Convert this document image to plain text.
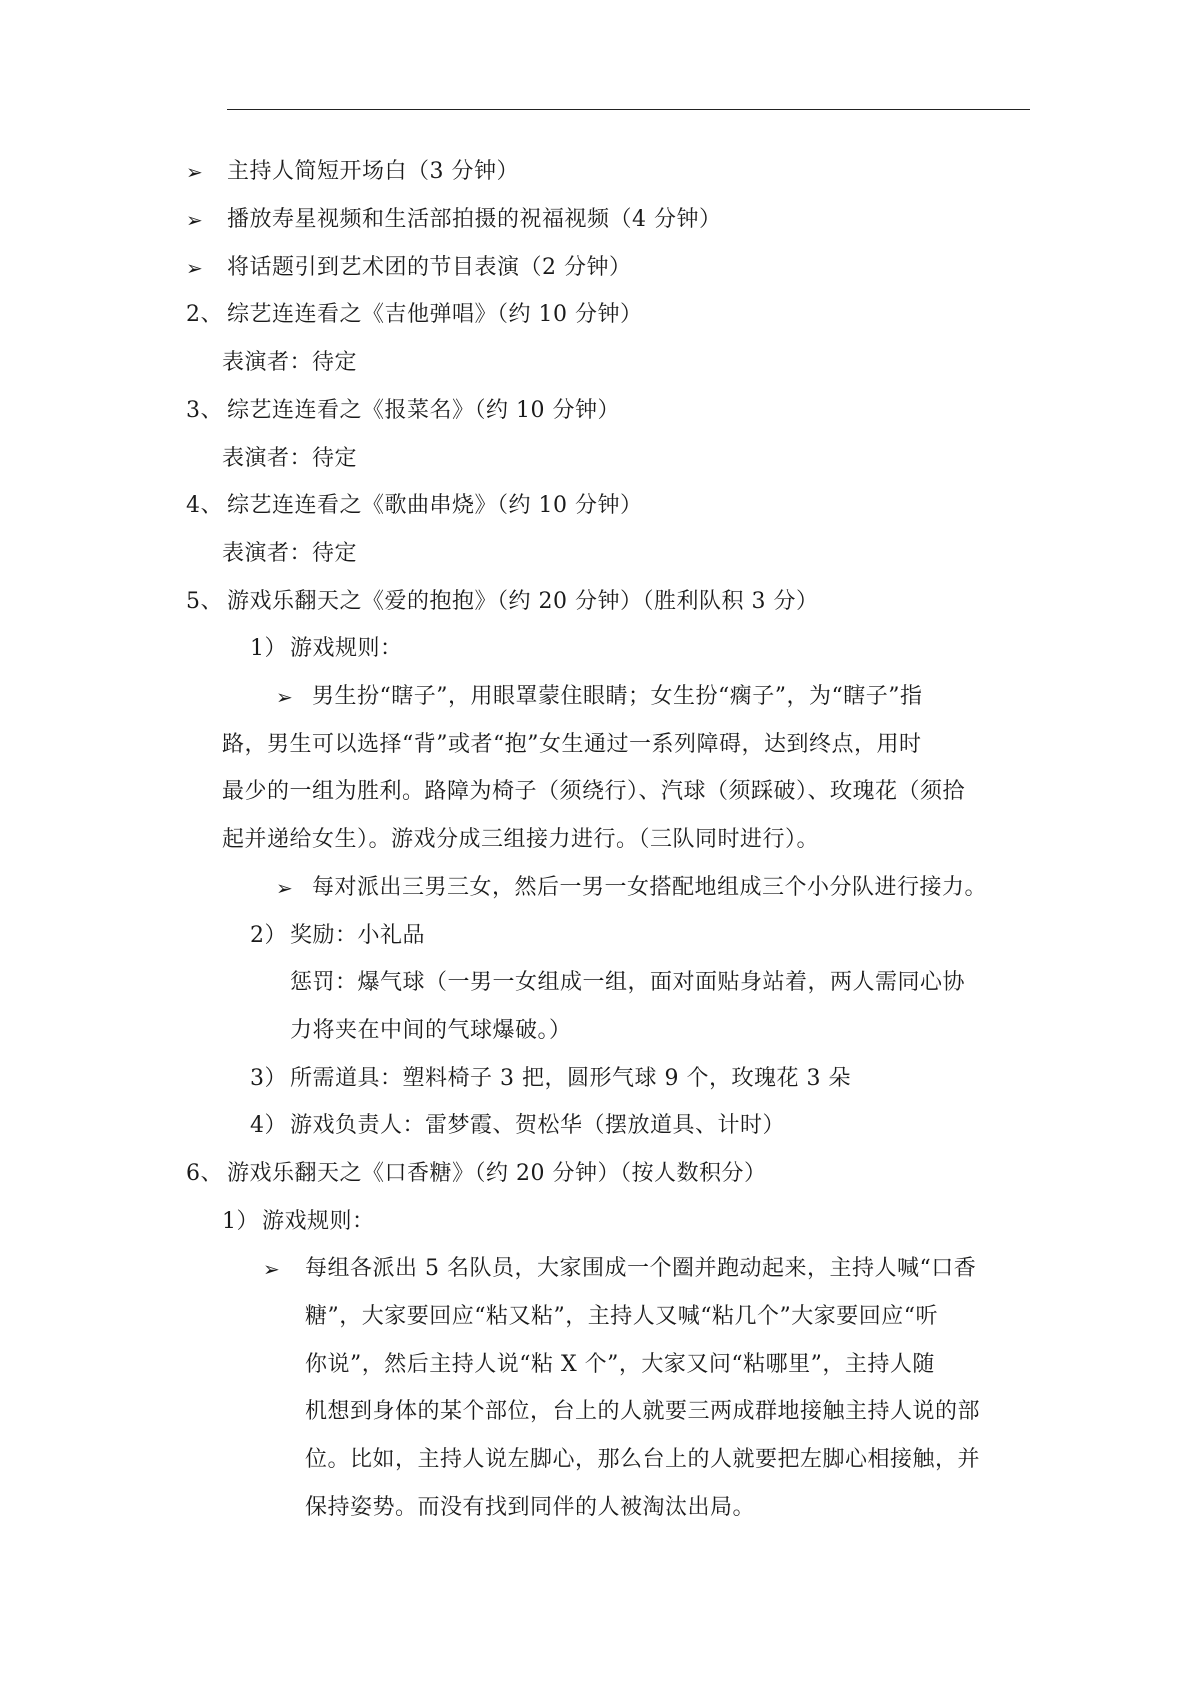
➢ 主持人简短开场白（3 分钟）
➢ 播放寿星视频和生活部拍摄的祝福视频（4 分钟）
➢ 将话题引到艺术团的节目表演（2 分钟）
2、 综艺连连看之《吉他弹唱》（约 10 分钟）
表演者：待定
3、 综艺连连看之《报菜名》（约 10 分钟）
表演者：待定
4、 综艺连连看之《歌曲串烧》（约 10 分钟）
表演者：待定
5、 游戏乐翻天之《爱的抱抱》（约 20 分钟）（胜利队积 3 分）
1） 游戏规则：
➢ 男生扮“瞎子”，用眼罩蒙住眼睛；女生扮“瘸子”，为“瞎子”指
路，男生可以选择“背”或者“抱”女生通过一系列障碍，达到终点，用时
最少的一组为胜利。路障为椅子（须绕行）、汽球（须踩破）、玫瑰花（须拾
起并递给女生）。游戏分成三组接力进行。（三队同时进行）。
➢ 每对派出三男三女，然后一男一女搭配地组成三个小分队进行接力。
2） 奖励：小礼品
惩罚：爆气球（一男一女组成一组，面对面贴身站着，两人需同心协
力将夹在中间的气球爆破。）
3） 所需道具：塑料椅子 3 把，圆形气球 9 个，玫瑰花 3 朵
4） 游戏负责人：雷梦霞、贺松华（摆放道具、计时）
6、 游戏乐翻天之《口香糖》（约 20 分钟）（按人数积分）
1） 游戏规则：
➢ 每组各派出 5 名队员，大家围成一个圈并跑动起来，主持人喊“口香
糖”，大家要回应“粘又粘”，主持人又喊“粘几个”大家要回应“听
你说”，然后主持人说“粘 X 个”，大家又问“粘哪里”，主持人随
机想到身体的某个部位，台上的人就要三两成群地接触主持人说的部
位。比如，主持人说左脚心，那么台上的人就要把左脚心相接触，并
保持姿势。而没有找到同伴的人被淘汰出局。
